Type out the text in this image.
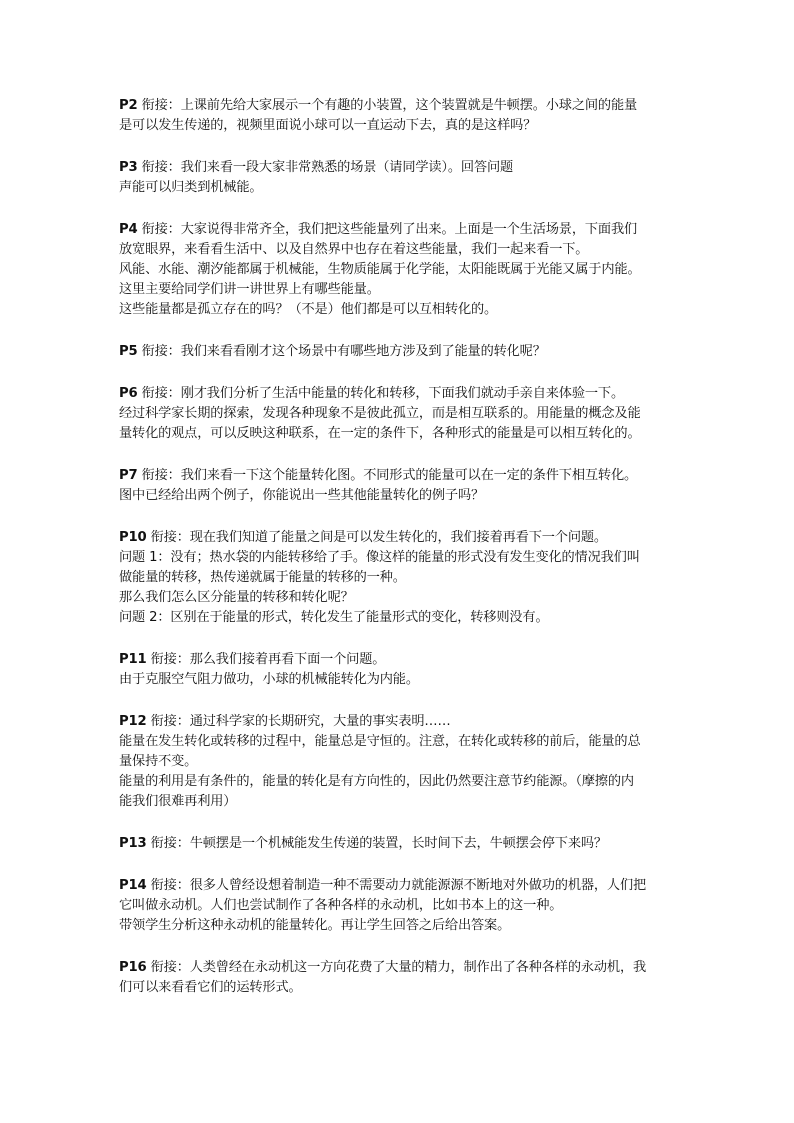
P2 衔接：上课前先给大家展示一个有趣的小装置，这个装置就是牛顿摆。小球之间的能量
是可以发生传递的，视频里面说小球可以一直运动下去，真的是这样吗？
P3 衔接：我们来看一段大家非常熟悉的场景（请同学读）。回答问题
声能可以归类到机械能。
P4 衔接：大家说得非常齐全，我们把这些能量列了出来。上面是一个生活场景，下面我们
放宽眼界，来看看生活中、以及自然界中也存在着这些能量，我们一起来看一下。
风能、水能、潮汐能都属于机械能，生物质能属于化学能，太阳能既属于光能又属于内能。
这里主要给同学们讲一讲世界上有哪些能量。
这些能量都是孤立存在的吗？（不是）他们都是可以互相转化的。
P5 衔接：我们来看看刚才这个场景中有哪些地方涉及到了能量的转化呢？
P6 衔接：刚才我们分析了生活中能量的转化和转移，下面我们就动手亲自来体验一下。
经过科学家长期的探索，发现各种现象不是彼此孤立，而是相互联系的。用能量的概念及能
量转化的观点，可以反映这种联系，在一定的条件下，各种形式的能量是可以相互转化的。
P7 衔接：我们来看一下这个能量转化图。不同形式的能量可以在一定的条件下相互转化。
图中已经给出两个例子，你能说出一些其他能量转化的例子吗？
P10 衔接：现在我们知道了能量之间是可以发生转化的，我们接着再看下一个问题。
问题 1：没有；热水袋的内能转移给了手。像这样的能量的形式没有发生变化的情况我们叫
做能量的转移，热传递就属于能量的转移的一种。
那么我们怎么区分能量的转移和转化呢？
问题 2：区别在于能量的形式，转化发生了能量形式的变化，转移则没有。
P11 衔接：那么我们接着再看下面一个问题。
由于克服空气阻力做功，小球的机械能转化为内能。
P12 衔接：通过科学家的长期研究，大量的事实表明……
能量在发生转化或转移的过程中，能量总是守恒的。注意，在转化或转移的前后，能量的总
量保持不变。
能量的利用是有条件的，能量的转化是有方向性的，因此仍然要注意节约能源。（摩擦的内
能我们很难再利用）
P13 衔接：牛顿摆是一个机械能发生传递的装置，长时间下去，牛顿摆会停下来吗？
P14 衔接：很多人曾经设想着制造一种不需要动力就能源源不断地对外做功的机器，人们把
它叫做永动机。人们也尝试制作了各种各样的永动机，比如书本上的这一种。
带领学生分析这种永动机的能量转化。再让学生回答之后给出答案。
P16 衔接：人类曾经在永动机这一方向花费了大量的精力，制作出了各种各样的永动机，我
们可以来看看它们的运转形式。
